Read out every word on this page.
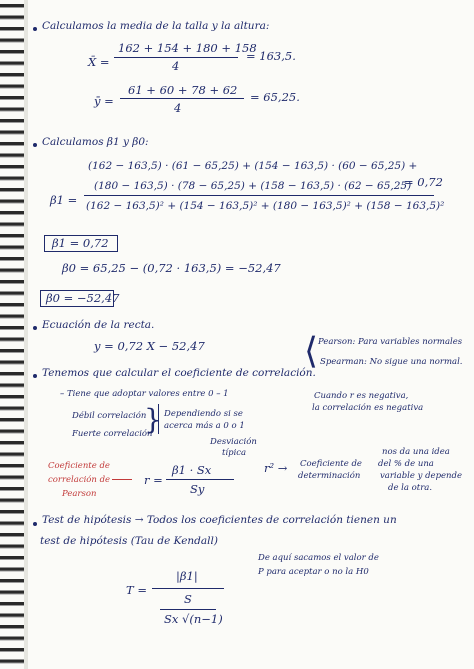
Calculamos la media de la talla y la altura:
X̄ =
162 + 154 + 180 + 158
4
= 163,5.
ȳ =
61 + 60 + 78 + 62
4
= 65,25.
Calculamos β1 y β0:
(162 − 163,5) · (61 − 65,25) + (154 − 163,5) · (60 − 65,25) +
(180 − 163,5) · (78 − 65,25) + (158 − 163,5) · (62 − 65,25)
β1 = (162 − 163,5)² + (154 − 163,5)² + (180 − 163,5)² + (158 − 163,5)²
= 0,72
β1 = 0,72
β0 = 65,25 − (0,72 · 163,5) = −52,47
β0 = −52,47
Ecuación de la recta.
y = 0,72 X − 52,47
Tenemos que calcular el coeficiente de correlación.
⟨ Pearson: Para variables normales
Spearman: No sigue una normal.
– Tiene que adoptar valores entre 0 – 1
Débil correlación
Fuerte correlación
} Dependiendo si se
acerca más a 0 o 1
Cuando r es negativa,
la correlación es negativa
Coeficiente de
correlación de
Pearson
Desviación
típica
r =
β1 · Sx
Sy
r² → Coeficiente de
determinación
nos da una idea
del % de una
variable y depende
de la otra.
Test de hipótesis → Todos los coeficientes de correlación tienen un
test de hipótesis (Tau de Kendall)
T =
|β1|
S
Sx √(n−1)
De aquí sacamos el valor de
P para aceptar o no la H0
